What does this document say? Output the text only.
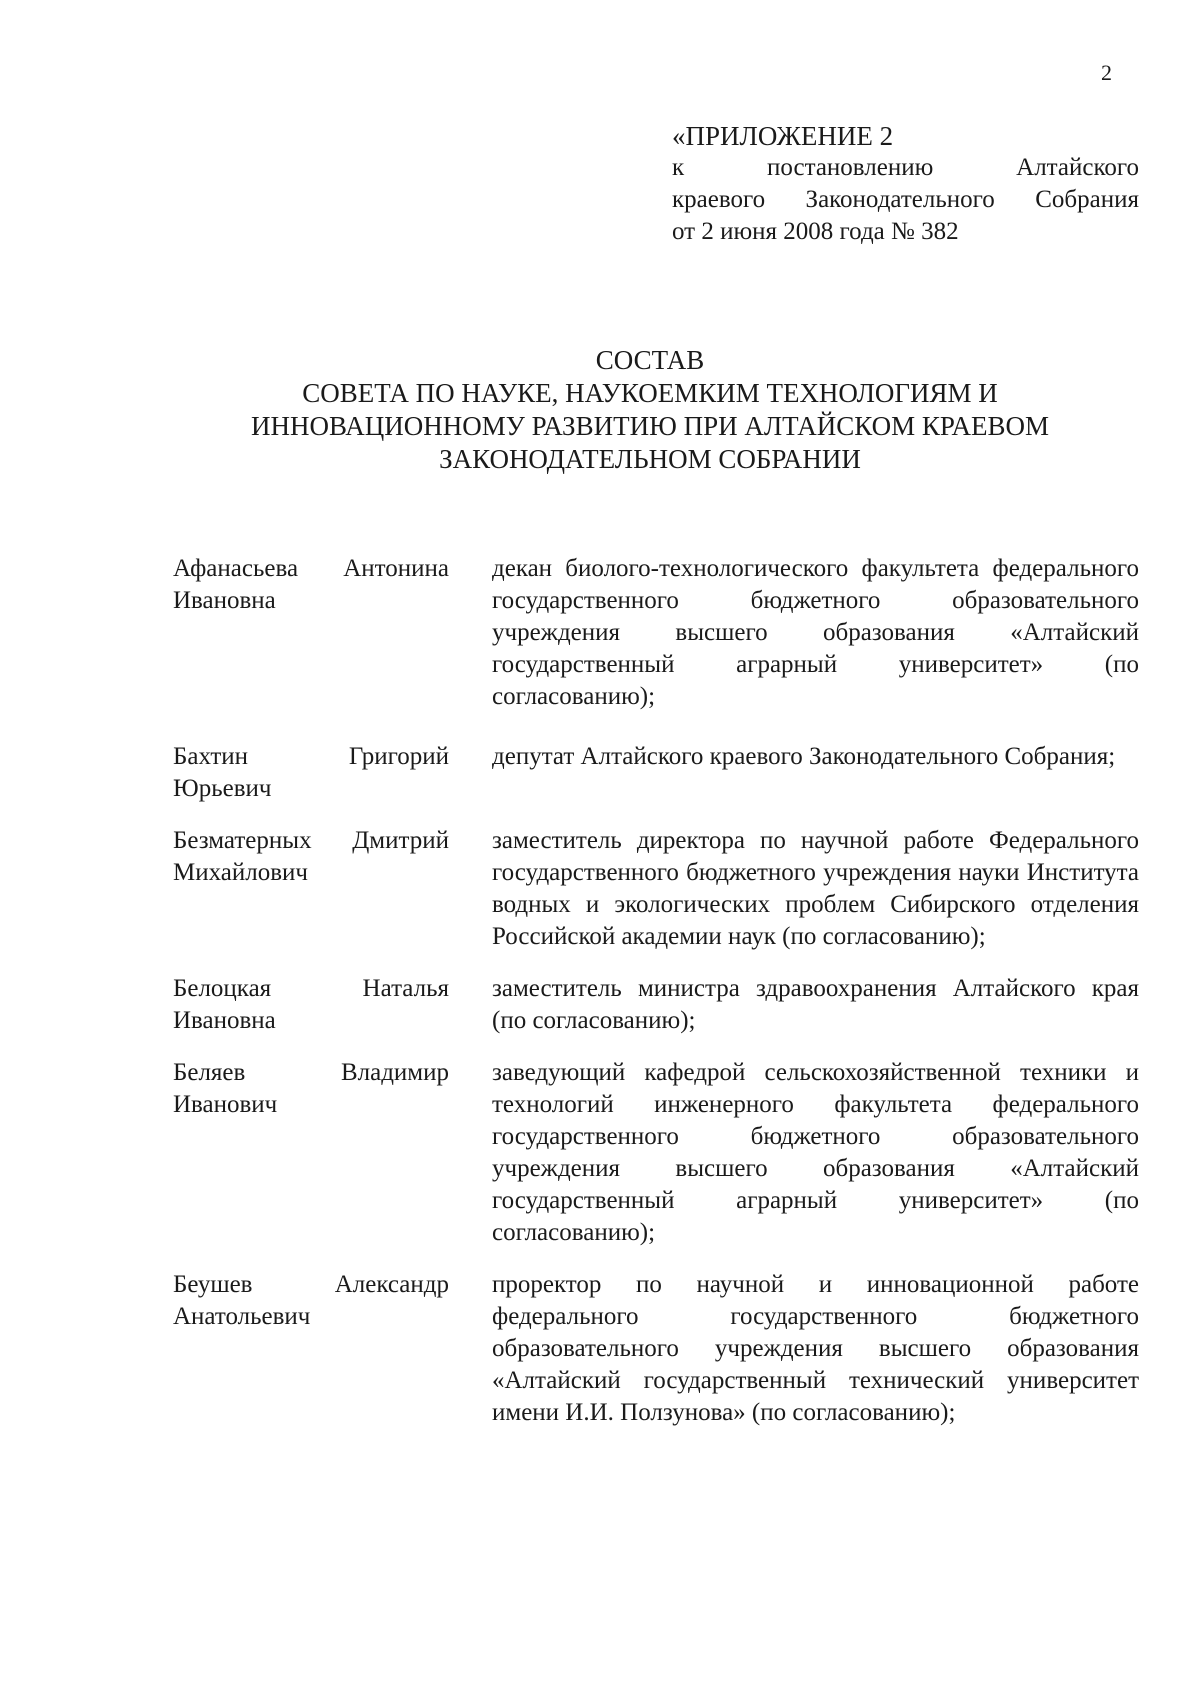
2
«ПРИЛОЖЕНИЕ 2
к постановлению Алтайского
краевого Законодательного Собрания
от 2 июня 2008 года № 382
СОСТАВ
СОВЕТА ПО НАУКЕ, НАУКОЕМКИМ ТЕХНОЛОГИЯМ И
ИННОВАЦИОННОМУ РАЗВИТИЮ ПРИ АЛТАЙСКОМ КРАЕВОМ
ЗАКОНОДАТЕЛЬНОМ СОБРАНИИ
Афанасьева Антонина Ивановна
декан биолого-технологического факультета федерального государственного бюджетного образовательного учреждения высшего образования «Алтайский государственный аграрный университет» (по согласованию);
Бахтин Григорий Юрьевич
депутат Алтайского краевого Законодательного Собрания;
Безматерных Дмитрий Михайлович
заместитель директора по научной работе Федерального государственного бюджетного учреждения науки Института водных и экологических проблем Сибирского отделения Российской академии наук (по согласованию);
Белоцкая Наталья Ивановна
заместитель министра здравоохранения Алтайского края (по согласованию);
Беляев Владимир Иванович
заведующий кафедрой сельскохозяйственной техники и технологий инженерного факультета федерального государственного бюджетного образовательного учреждения высшего образования «Алтайский государственный аграрный университет» (по согласованию);
Беушев Александр Анатольевич
проректор по научной и инновационной работе федерального государственного бюджетного образовательного учреждения высшего образования «Алтайский государственный технический университет имени И.И. Ползунова» (по согласованию);
